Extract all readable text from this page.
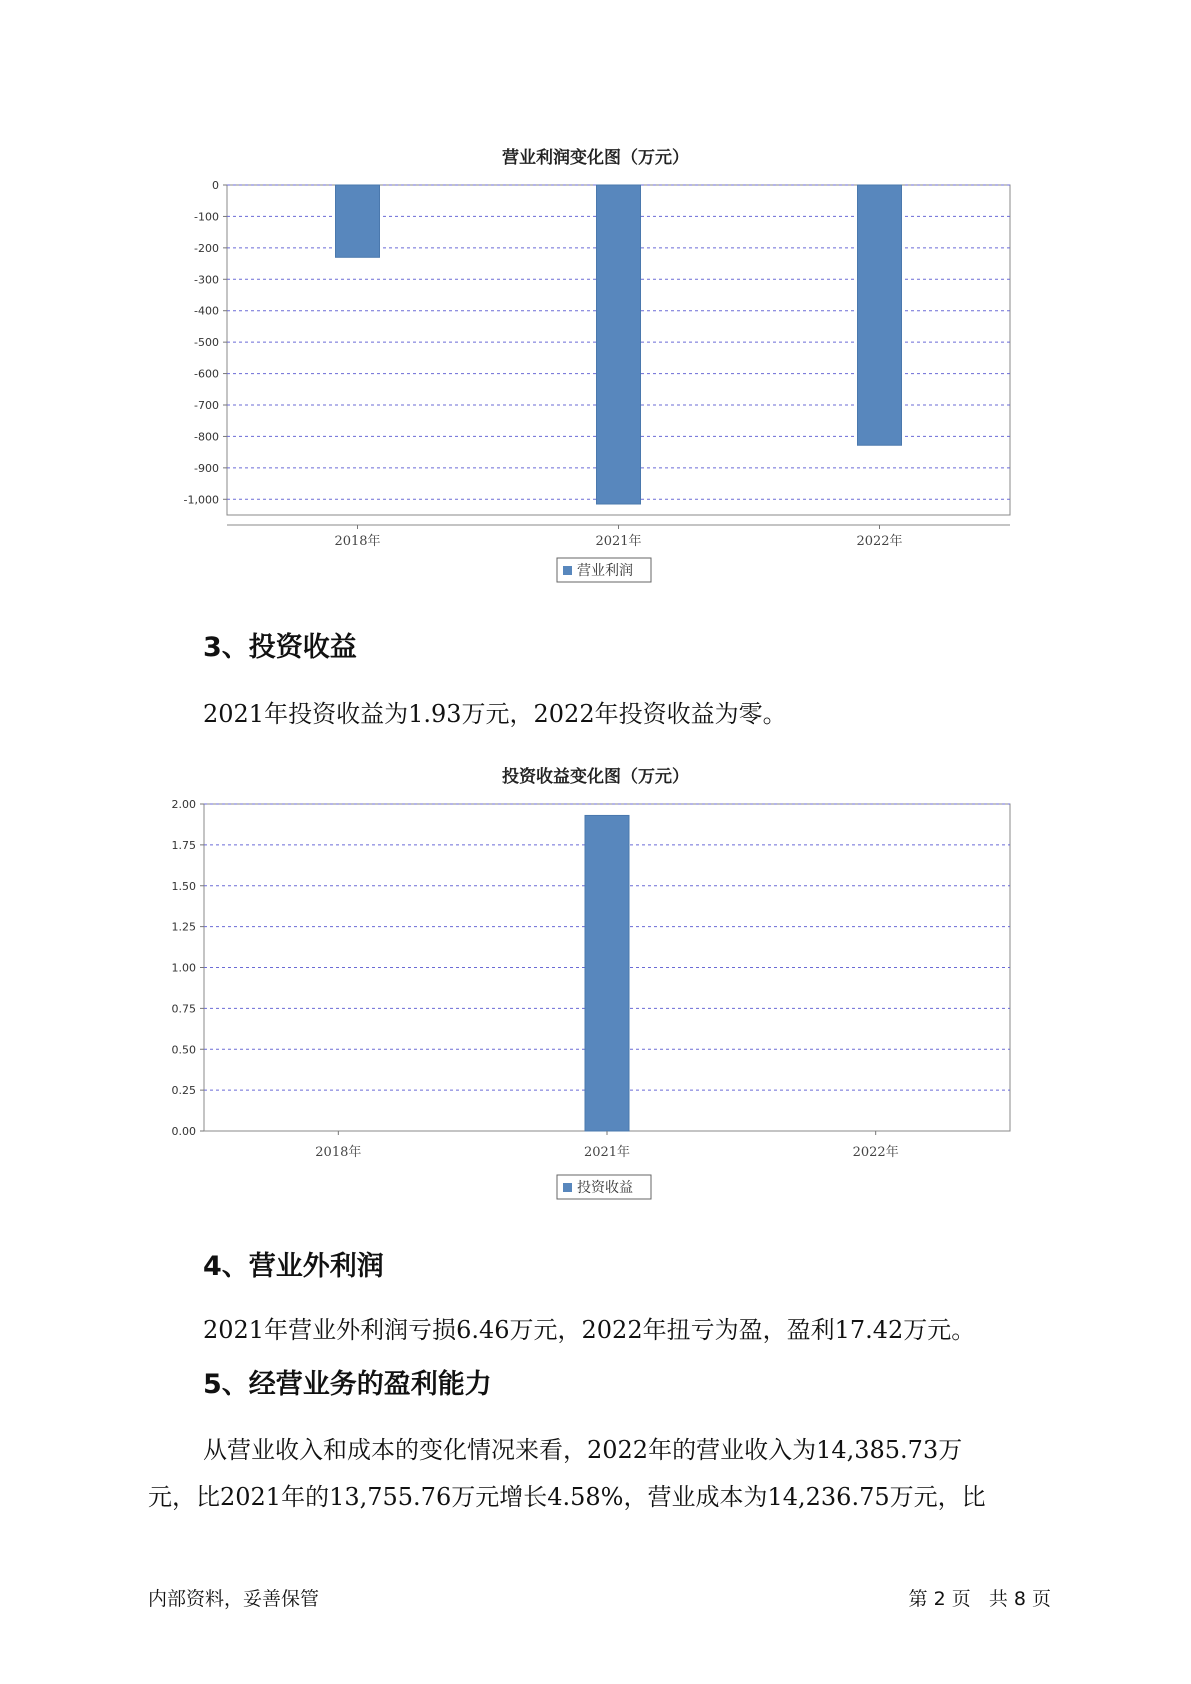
营业利润变化图（万元）
0
-100
-200
-300
-400
-500
-600
-700
-800
-900
-1,000
2018年	2021年	2022年
营业利润
3、投资收益
2021年投资收益为1.93万元，2022年投资收益为零。
投资收益变化图（万元）
0.00
0.25
0.50
0.75
1.00
1.25
1.50
1.75
2.00
2018年	2021年	2022年
投资收益
4、营业外利润
2021年营业外利润亏损6.46万元，2022年扭亏为盈，盈利17.42万元。
5、经营业务的盈利能力
从营业收入和成本的变化情况来看，2022年的营业收入为14,385.73万
元，比2021年的13,755.76万元增长4.58%，营业成本为14,236.75万元，比
内部资料，妥善保管	第 2 页   共 8 页
